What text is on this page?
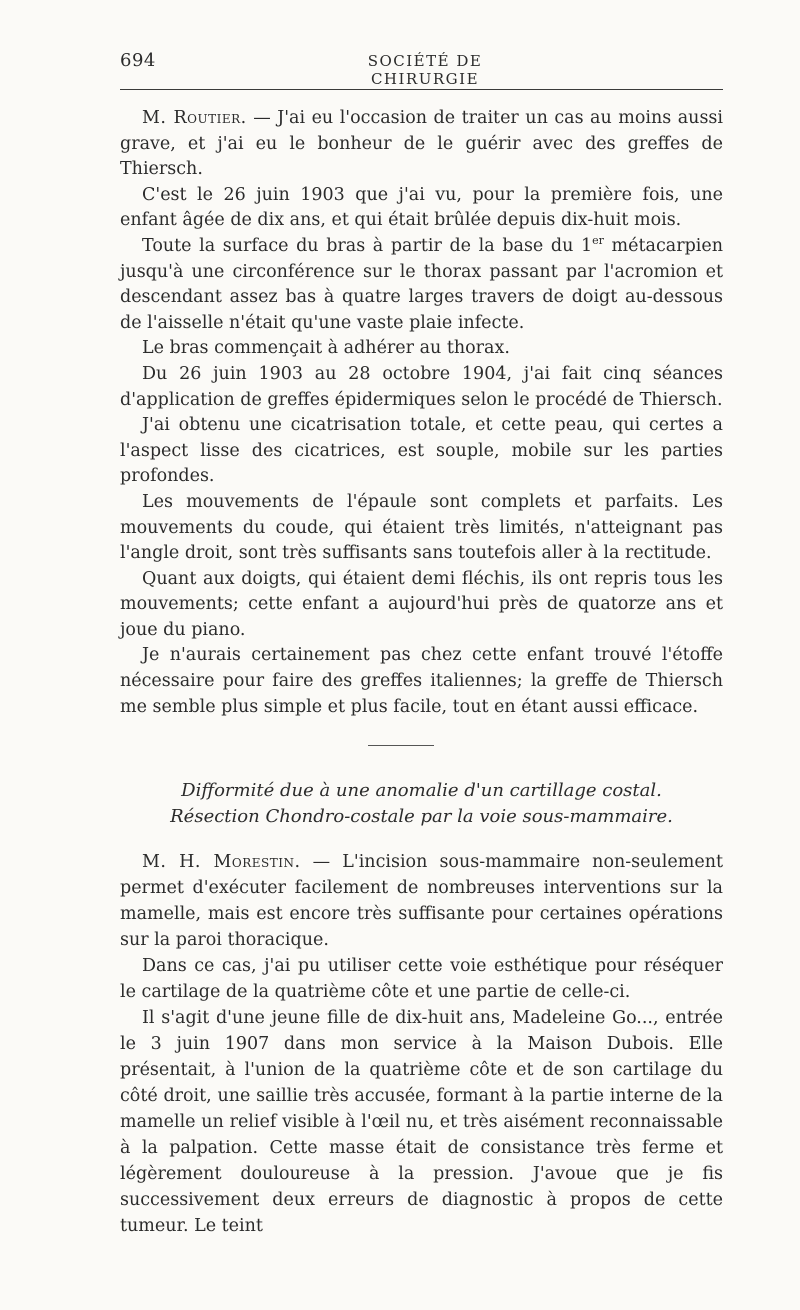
694	SOCIÉTÉ DE CHIRURGIE

M. Routier. — J'ai eu l'occasion de traiter un cas au moins aussi grave, et j'ai eu le bonheur de le guérir avec des greffes de Thiersch.

C'est le 26 juin 1903 que j'ai vu, pour la première fois, une enfant âgée de dix ans, et qui était brûlée depuis dix-huit mois.

Toute la surface du bras à partir de la base du 1er métacarpien jusqu'à une circonférence sur le thorax passant par l'acromion et descendant assez bas à quatre larges travers de doigt au-dessous de l'aisselle n'était qu'une vaste plaie infecte.

Le bras commençait à adhérer au thorax.

Du 26 juin 1903 au 28 octobre 1904, j'ai fait cinq séances d'application de greffes épidermiques selon le procédé de Thiersch.

J'ai obtenu une cicatrisation totale, et cette peau, qui certes a l'aspect lisse des cicatrices, est souple, mobile sur les parties profondes.

Les mouvements de l'épaule sont complets et parfaits. Les mouvements du coude, qui étaient très limités, n'atteignant pas l'angle droit, sont très suffisants sans toutefois aller à la rectitude.

Quant aux doigts, qui étaient demi fléchis, ils ont repris tous les mouvements; cette enfant a aujourd'hui près de quatorze ans et joue du piano.

Je n'aurais certainement pas chez cette enfant trouvé l'étoffe nécessaire pour faire des greffes italiennes; la greffe de Thiersch me semble plus simple et plus facile, tout en étant aussi efficace.

Difformité due à une anomalie d'un cartillage costal.
Résection Chondro-costale par la voie sous-mammaire.

M. H. Morestin. — L'incision sous-mammaire non-seulement permet d'exécuter facilement de nombreuses interventions sur la mamelle, mais est encore très suffisante pour certaines opérations sur la paroi thoracique.

Dans ce cas, j'ai pu utiliser cette voie esthétique pour réséquer le cartilage de la quatrième côte et une partie de celle-ci.

Il s'agit d'une jeune fille de dix-huit ans, Madeleine Go..., entrée le 3 juin 1907 dans mon service à la Maison Dubois. Elle présentait, à l'union de la quatrième côte et de son cartilage du côté droit, une saillie très accusée, formant à la partie interne de la mamelle un relief visible à l'œil nu, et très aisément reconnaissable à la palpation. Cette masse était de consistance très ferme et légèrement douloureuse à la pression. J'avoue que je fis successivement deux erreurs de diagnostic à propos de cette tumeur. Le teint
